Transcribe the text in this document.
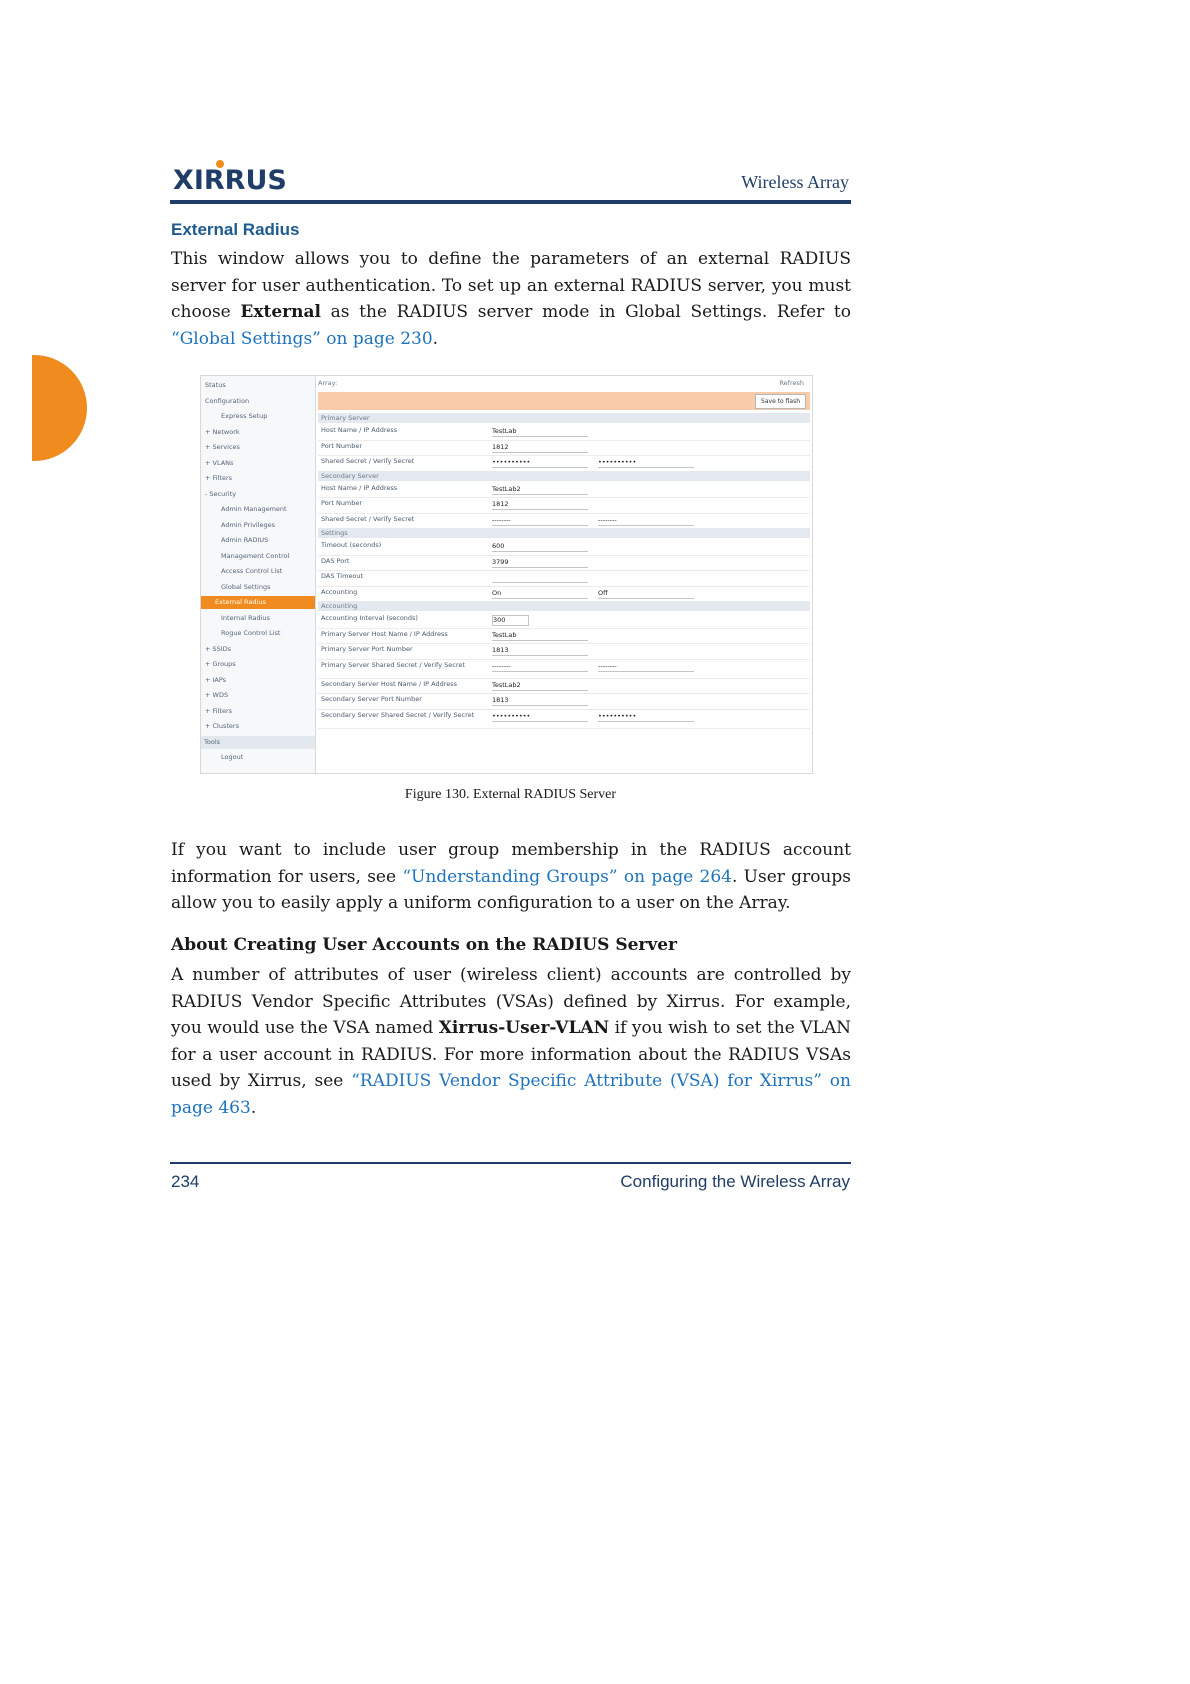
XIRRUS	Wireless Array
External Radius
This window allows you to define the parameters of an external RADIUS server for user authentication. To set up an external RADIUS server, you must choose External as the RADIUS server mode in Global Settings. Refer to “Global Settings” on page 230.
Status
Configuration
Express Setup
+ Network
+ Services
+ VLANs
+ Filters
- Security
Admin Management
Admin Privileges
Admin RADIUS
Management Control
Access Control List
Global Settings
External Radius
Internal Radius
Rogue Control List
+ SSIDs
+ Groups
+ IAPs
+ WDS
+ Filters
+ Clusters
Tools
Logout
Array:	Refresh
Save to flash
Primary Server
Host Name / IP Address	TestLab
Port Number	1812
Shared Secret / Verify Secret	••••••••••	••••••••••
Secondary Server
Host Name / IP Address	TestLab2
Port Number	1812
Shared Secret / Verify Secret	--------	--------
Settings
Timeout (seconds)	600
DAS Port	3799
DAS Timeout
Accounting	On	Off
Accounting
Accounting Interval (seconds)	300
Primary Server Host Name / IP Address	TestLab
Primary Server Port Number	1813
Primary Server Shared Secret / Verify Secret	--------	--------
Secondary Server Host Name / IP Address	TestLab2
Secondary Server Port Number	1813
Secondary Server Shared Secret / Verify Secret	••••••••••	••••••••••
Figure 130. External RADIUS Server
If you want to include user group membership in the RADIUS account information for users, see “Understanding Groups” on page 264. User groups allow you to easily apply a uniform configuration to a user on the Array.
About Creating User Accounts on the RADIUS Server
A number of attributes of user (wireless client) accounts are controlled by RADIUS Vendor Specific Attributes (VSAs) defined by Xirrus. For example, you would use the VSA named Xirrus-User-VLAN if you wish to set the VLAN for a user account in RADIUS. For more information about the RADIUS VSAs used by Xirrus, see “RADIUS Vendor Specific Attribute (VSA) for Xirrus” on page 463.
234	Configuring the Wireless Array
